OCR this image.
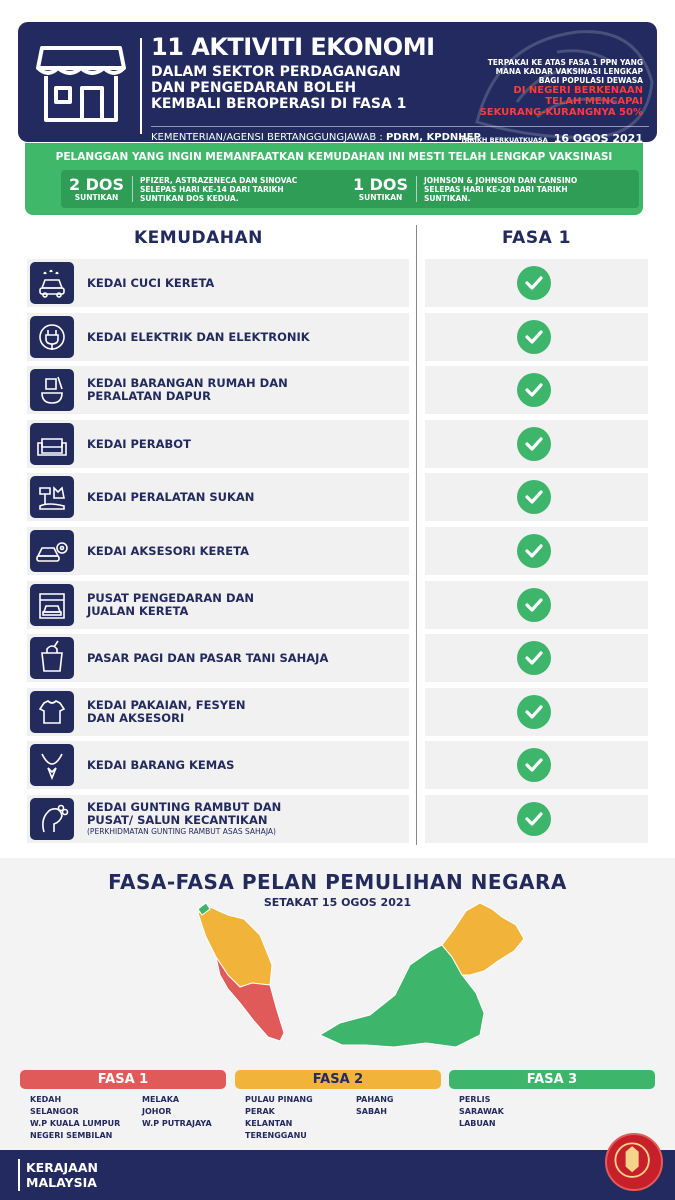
11 AKTIVITI EKONOMI
DALAM SEKTOR PERDAGANGAN
DAN PENGEDARAN BOLEH
KEMBALI BEROPERASI DI FASA 1
TERPAKAI KE ATAS FASA 1 PPN YANG
MANA KADAR VAKSINASI LENGKAP
BAGI POPULASI DEWASA
DI NEGERI BERKENAAN
TELAH MENCAPAI
SEKURANG-KURANGNYA 50%
KEMENTERIAN/AGENSI BERTANGGUNGJAWAB : PDRM, KPDNHEP
TARIKH BERKUATKUASA 16 OGOS 2021
PELANGGAN YANG INGIN MEMANFAATKAN KEMUDAHAN INI MESTI TELAH LENGKAP VAKSINASI
2 DOS
SUNTIKAN
PFIZER, ASTRAZENECA DAN SINOVAC SELEPAS HARI KE-14 DARI TARIKH SUNTIKAN DOS KEDUA.
1 DOS
SUNTIKAN
JOHNSON & JOHNSON DAN CANSINO SELEPAS HARI KE-28 DARI TARIKH SUNTIKAN.
KEMUDAHAN	FASA 1
KEDAI CUCI KERETA
KEDAI ELEKTRIK DAN ELEKTRONIK
KEDAI BARANGAN RUMAH DAN
PERALATAN DAPUR
KEDAI PERABOT
KEDAI PERALATAN SUKAN
KEDAI AKSESORI KERETA
PUSAT PENGEDARAN DAN
JUALAN KERETA
PASAR PAGI DAN PASAR TANI SAHAJA
KEDAI PAKAIAN, FESYEN
DAN AKSESORI
KEDAI BARANG KEMAS
KEDAI GUNTING RAMBUT DAN
PUSAT/ SALUN KECANTIKAN
(PERKHIDMATAN GUNTING RAMBUT ASAS SAHAJA)
FASA-FASA PELAN PEMULIHAN NEGARA
SETAKAT 15 OGOS 2021
FASA 1
KEDAH
SELANGOR
W.P KUALA LUMPUR
NEGERI SEMBILAN
MELAKA
JOHOR
W.P PUTRAJAYA
FASA 2
PULAU PINANG
PERAK
KELANTAN
TERENGGANU
PAHANG
SABAH
FASA 3
PERLIS
SARAWAK
LABUAN
KERAJAAN
MALAYSIA
